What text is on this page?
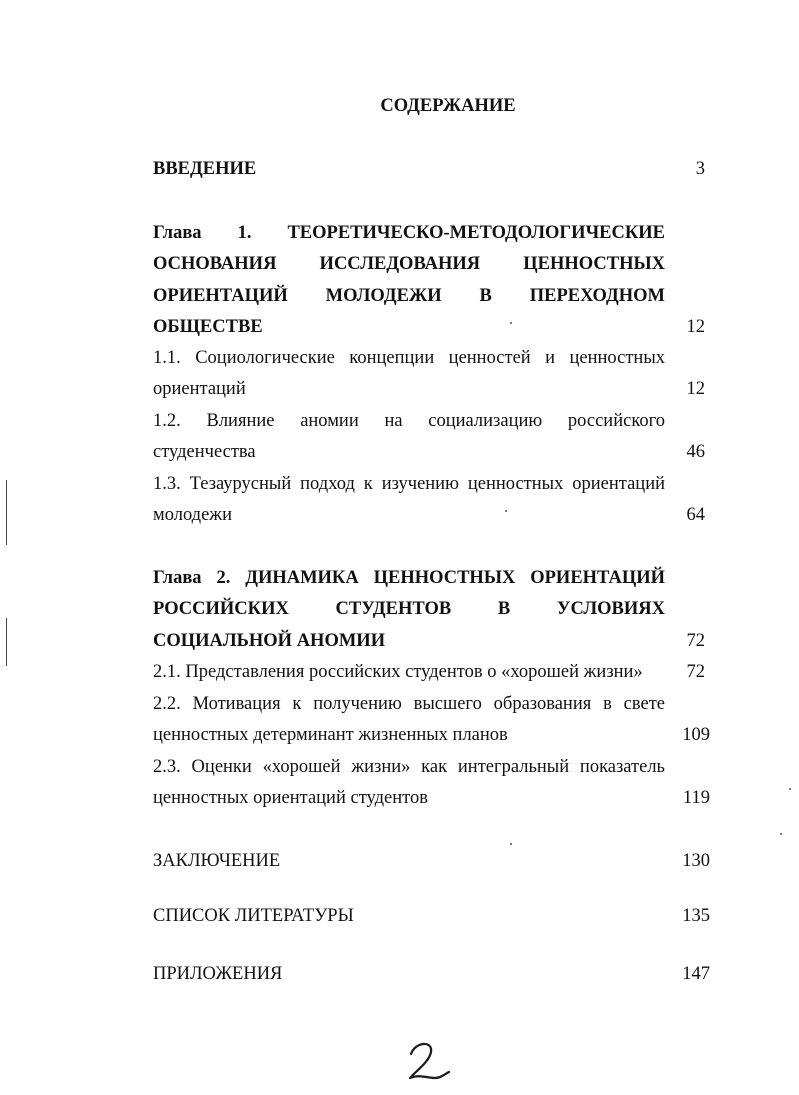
СОДЕРЖАНИЕ
ВВЕДЕНИЕ	3
Глава 1. ТЕОРЕТИЧЕСКО-МЕТОДОЛОГИЧЕСКИЕ
ОСНОВАНИЯ ИССЛЕДОВАНИЯ ЦЕННОСТНЫХ
ОРИЕНТАЦИЙ МОЛОДЕЖИ В ПЕРЕХОДНОМ
ОБЩЕСТВЕ	12
1.1. Социологические концепции ценностей и ценностных
ориентаций	12
1.2. Влияние аномии на социализацию российского
студенчества	46
1.3. Тезаурусный подход к изучению ценностных ориентаций
молодежи	64
Глава 2. ДИНАМИКА ЦЕННОСТНЫХ ОРИЕНТАЦИЙ
РОССИЙСКИХ СТУДЕНТОВ В УСЛОВИЯХ
СОЦИАЛЬНОЙ АНОМИИ	72
2.1. Представления российских студентов о «хорошей жизни» 72
2.2. Мотивация к получению высшего образования в свете
ценностных детерминант жизненных планов	109
2.3. Оценки «хорошей жизни» как интегральный показатель
ценностных ориентаций студентов	119
ЗАКЛЮЧЕНИЕ	130
СПИСОК ЛИТЕРАТУРЫ	135
ПРИЛОЖЕНИЯ	147
